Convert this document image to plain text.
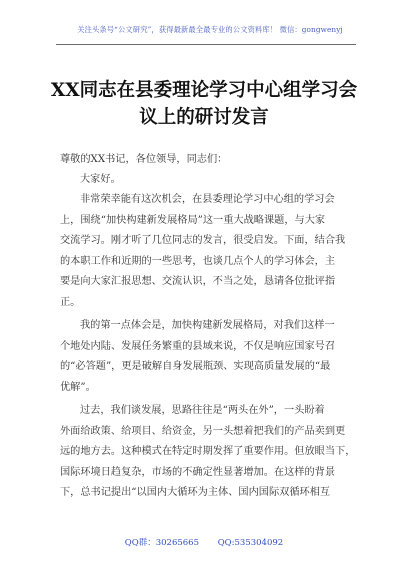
关注头条号“公文研究”，获得最新最全最专业的公文资料库！ 微信：gongwenyj
XX同志在县委理论学习中心组学习会
议上的研讨发言

尊敬的XX书记，各位领导，同志们：

大家好。

非常荣幸能有这次机会，在县委理论学习中心组的学习会
上，围绕“加快构建新发展格局”这一重大战略课题，与大家
交流学习。刚才听了几位同志的发言，很受启发。下面，结合我
的本职工作和近期的一些思考，也谈几点个人的学习体会，主
要是向大家汇报思想、交流认识，不当之处，恳请各位批评指
正。

我的第一点体会是，加快构建新发展格局，对我们这样一
个地处内陆、发展任务繁重的县域来说，不仅是响应国家号召
的“必答题”，更是破解自身发展瓶颈、实现高质量发展的“最
优解”。

过去，我们谈发展，思路往往是“两头在外”，一头盼着
外面给政策、给项目、给资金，另一头想着把我们的产品卖到更
远的地方去。这种模式在特定时期发挥了重要作用。但放眼当下，
国际环境日趋复杂，市场的不确定性显著增加。在这样的背景
下，总书记提出“以国内大循环为主体、国内国际双循环相互

QQ群：30265665 QQ:535304092
